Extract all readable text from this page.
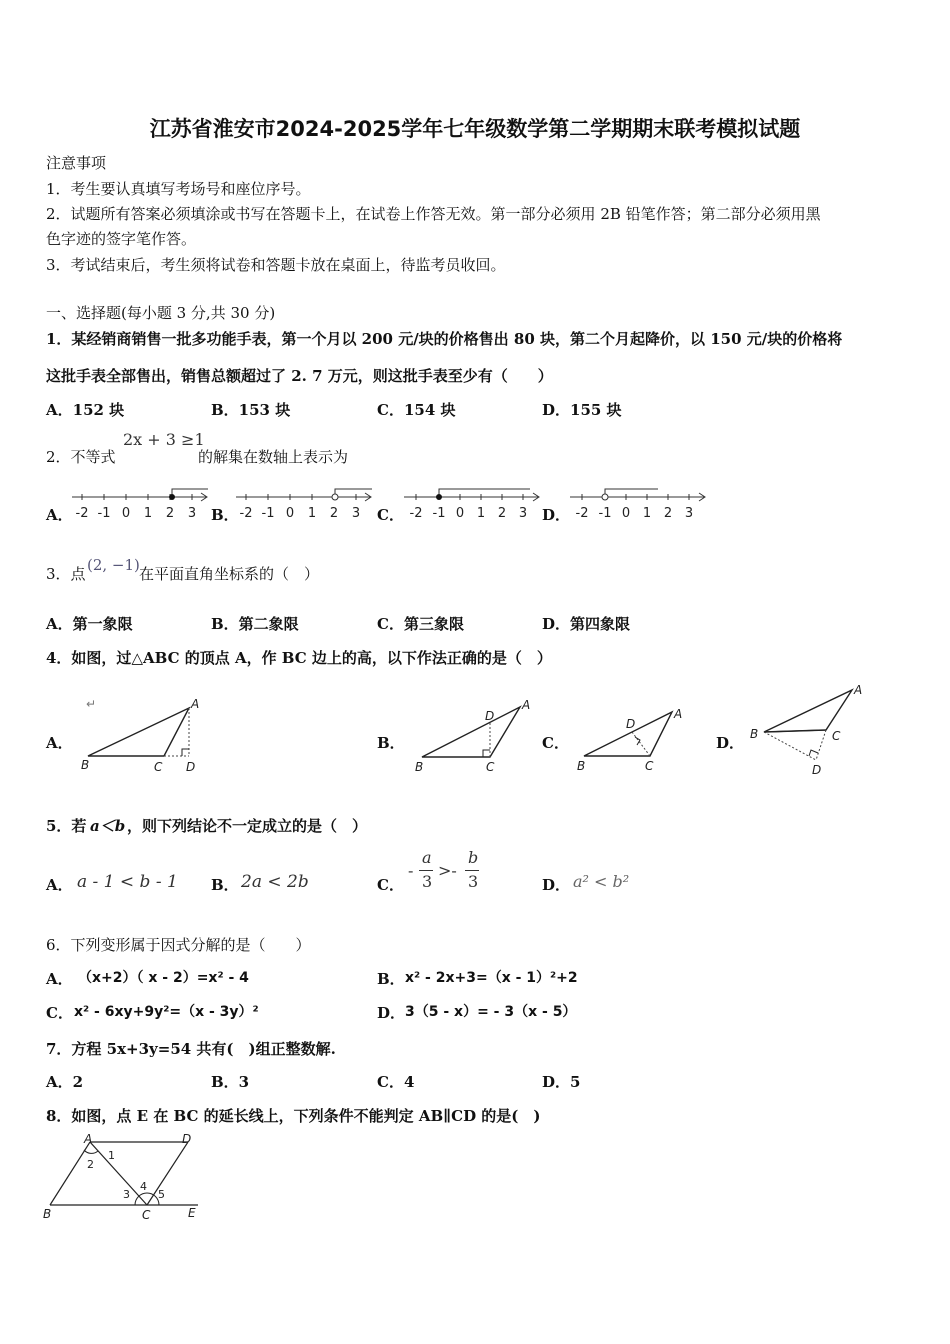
江苏省淮安市2024-2025学年七年级数学第二学期期末联考模拟试题
注意事项
1．考生要认真填写考场号和座位序号。
2．试题所有答案必须填涂或书写在答题卡上，在试卷上作答无效。第一部分必须用 2B 铅笔作答；第二部分必须用黑
色字迹的签字笔作答。
3．考试结束后，考生须将试卷和答题卡放在桌面上，待监考员收回。
一、选择题(每小题 3 分,共 30 分)
1．某经销商销售一批多功能手表，第一个月以 200 元/块的价格售出 80 块，第二个月起降价，以 150 元/块的价格将
这批手表全部售出，销售总额超过了 2. 7 万元，则这批手表至少有（　　）
A．152 块	B．153 块	C．154 块	D．155 块
2．不等式
2x + 3 ≥1
的解集在数轴上表示为
A．	B．	C．	D．
-2 -1 0 1 2 3	-2 -1 0 1 2 3	-2 -1 0 1 2 3	-2 -1 0 1 2 3
3．点 (2, −1) 在平面直角坐标系的（　）
A．第一象限	B．第二象限	C．第三象限	D．第四象限
4．如图，过△ABC 的顶点 A，作 BC 边上的高，以下作法正确的是（　）
A．	B．	C．	D．
↵	A
B	C D
A
B	C
D	A
B	C
D
A
B	C
D
5．若 a＜b ，则下列结论不一定成立的是（　）
A．	B．	C．	D．
a - 1 < b - 1	2a < 2b
-
a
3
>-
b
3	a² < b²
6．下列变形属于因式分解的是（　　）
A． （x+2）（ x - 2）=x² - 4	B． x² - 2x+3=（x - 1）²+2
C． x² - 6xy+9y²=（x - 3y）²	D． 3（5 - x）= - 3（x - 5）
7．方程 5x+3y=54 共有(　)组正整数解.
A．2	B．3	C．4	D．5
8．如图，点 E 在 BC 的延长线上，下列条件不能判定 AB∥CD 的是(　)
A	D
B	C	E
1
2
3
4
5
